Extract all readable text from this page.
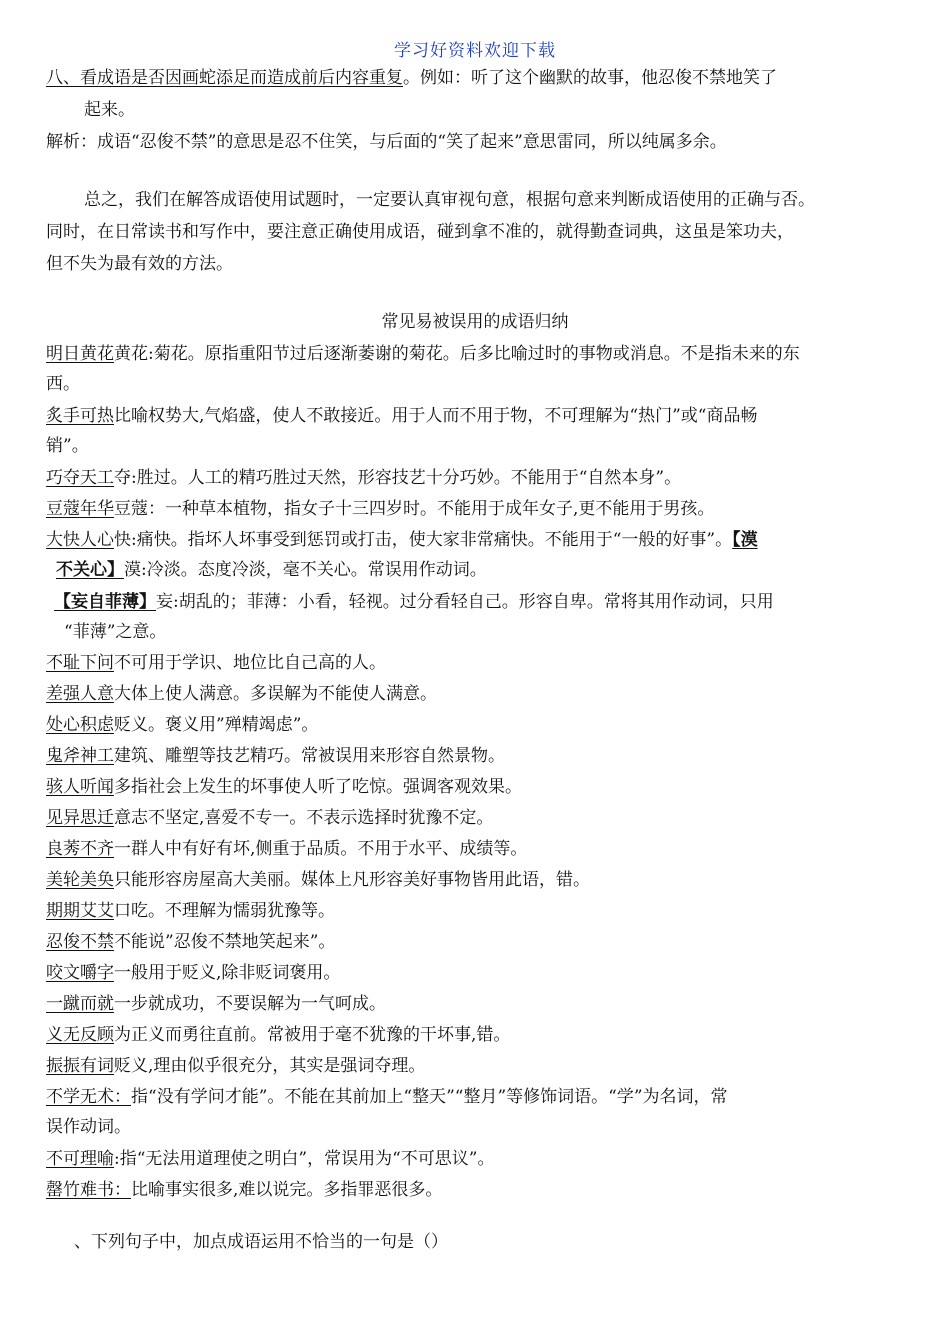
学习好资料欢迎下载
八、看成语是否因画蛇添足而造成前后内容重复。例如：听了这个幽默的故事，他忍俊不禁地笑了
起来。
解析：成语“忍俊不禁”的意思是忍不住笑，与后面的“笑了起来”意思雷同，所以纯属多余。
总之，我们在解答成语使用试题时，一定要认真审视句意，根据句意来判断成语使用的正确与否。
同时，在日常读书和写作中，要注意正确使用成语，碰到拿不准的，就得勤查词典，这虽是笨功夫，
但不失为最有效的方法。
常见易被误用的成语归纳
明日黄花黄花:菊花。原指重阳节过后逐渐萎谢的菊花。后多比喻过时的事物或消息。不是指未来的东
西。
炙手可热比喻权势大,气焰盛，使人不敢接近。用于人而不用于物，不可理解为“热门”或“商品畅
销”。
巧夺天工夺:胜过。人工的精巧胜过天然，形容技艺十分巧妙。不能用于“自然本身”。
豆蔻年华豆蔻：一种草本植物，指女子十三四岁时。不能用于成年女子,更不能用于男孩。
大快人心快:痛快。指坏人坏事受到惩罚或打击，使大家非常痛快。不能用于“一般的好事”。【漠
不关心】漠:冷淡。态度冷淡，毫不关心。常误用作动词。
【妄自菲薄】妄:胡乱的；菲薄：小看，轻视。过分看轻自己。形容自卑。常将其用作动词，只用
“菲薄”之意。
不耻下问不可用于学识、地位比自己高的人。
差强人意大体上使人满意。多误解为不能使人满意。
处心积虑贬义。褒义用”殚精竭虑”。
鬼斧神工建筑、雕塑等技艺精巧。常被误用来形容自然景物。
骇人听闻多指社会上发生的坏事使人听了吃惊。强调客观效果。
见异思迁意志不坚定,喜爱不专一。不表示选择时犹豫不定。
良莠不齐一群人中有好有坏,侧重于品质。不用于水平、成绩等。
美轮美奂只能形容房屋高大美丽。媒体上凡形容美好事物皆用此语，错。
期期艾艾口吃。不理解为懦弱犹豫等。
忍俊不禁不能说”忍俊不禁地笑起来”。
咬文嚼字一般用于贬义,除非贬词褒用。
一蹴而就一步就成功，不要误解为一气呵成。
义无反顾为正义而勇往直前。常被用于毫不犹豫的干坏事,错。
振振有词贬义,理由似乎很充分，其实是强词夺理。
不学无术：指“没有学问才能”。不能在其前加上“整天”“整月”等修饰词语。“学”为名词，常
误作动词。
不可理喻:指“无法用道理使之明白”，常误用为“不可思议”。
罄竹难书：比喻事实很多,难以说完。多指罪恶很多。
、下列句子中，加点成语运用不恰当的一句是（）
